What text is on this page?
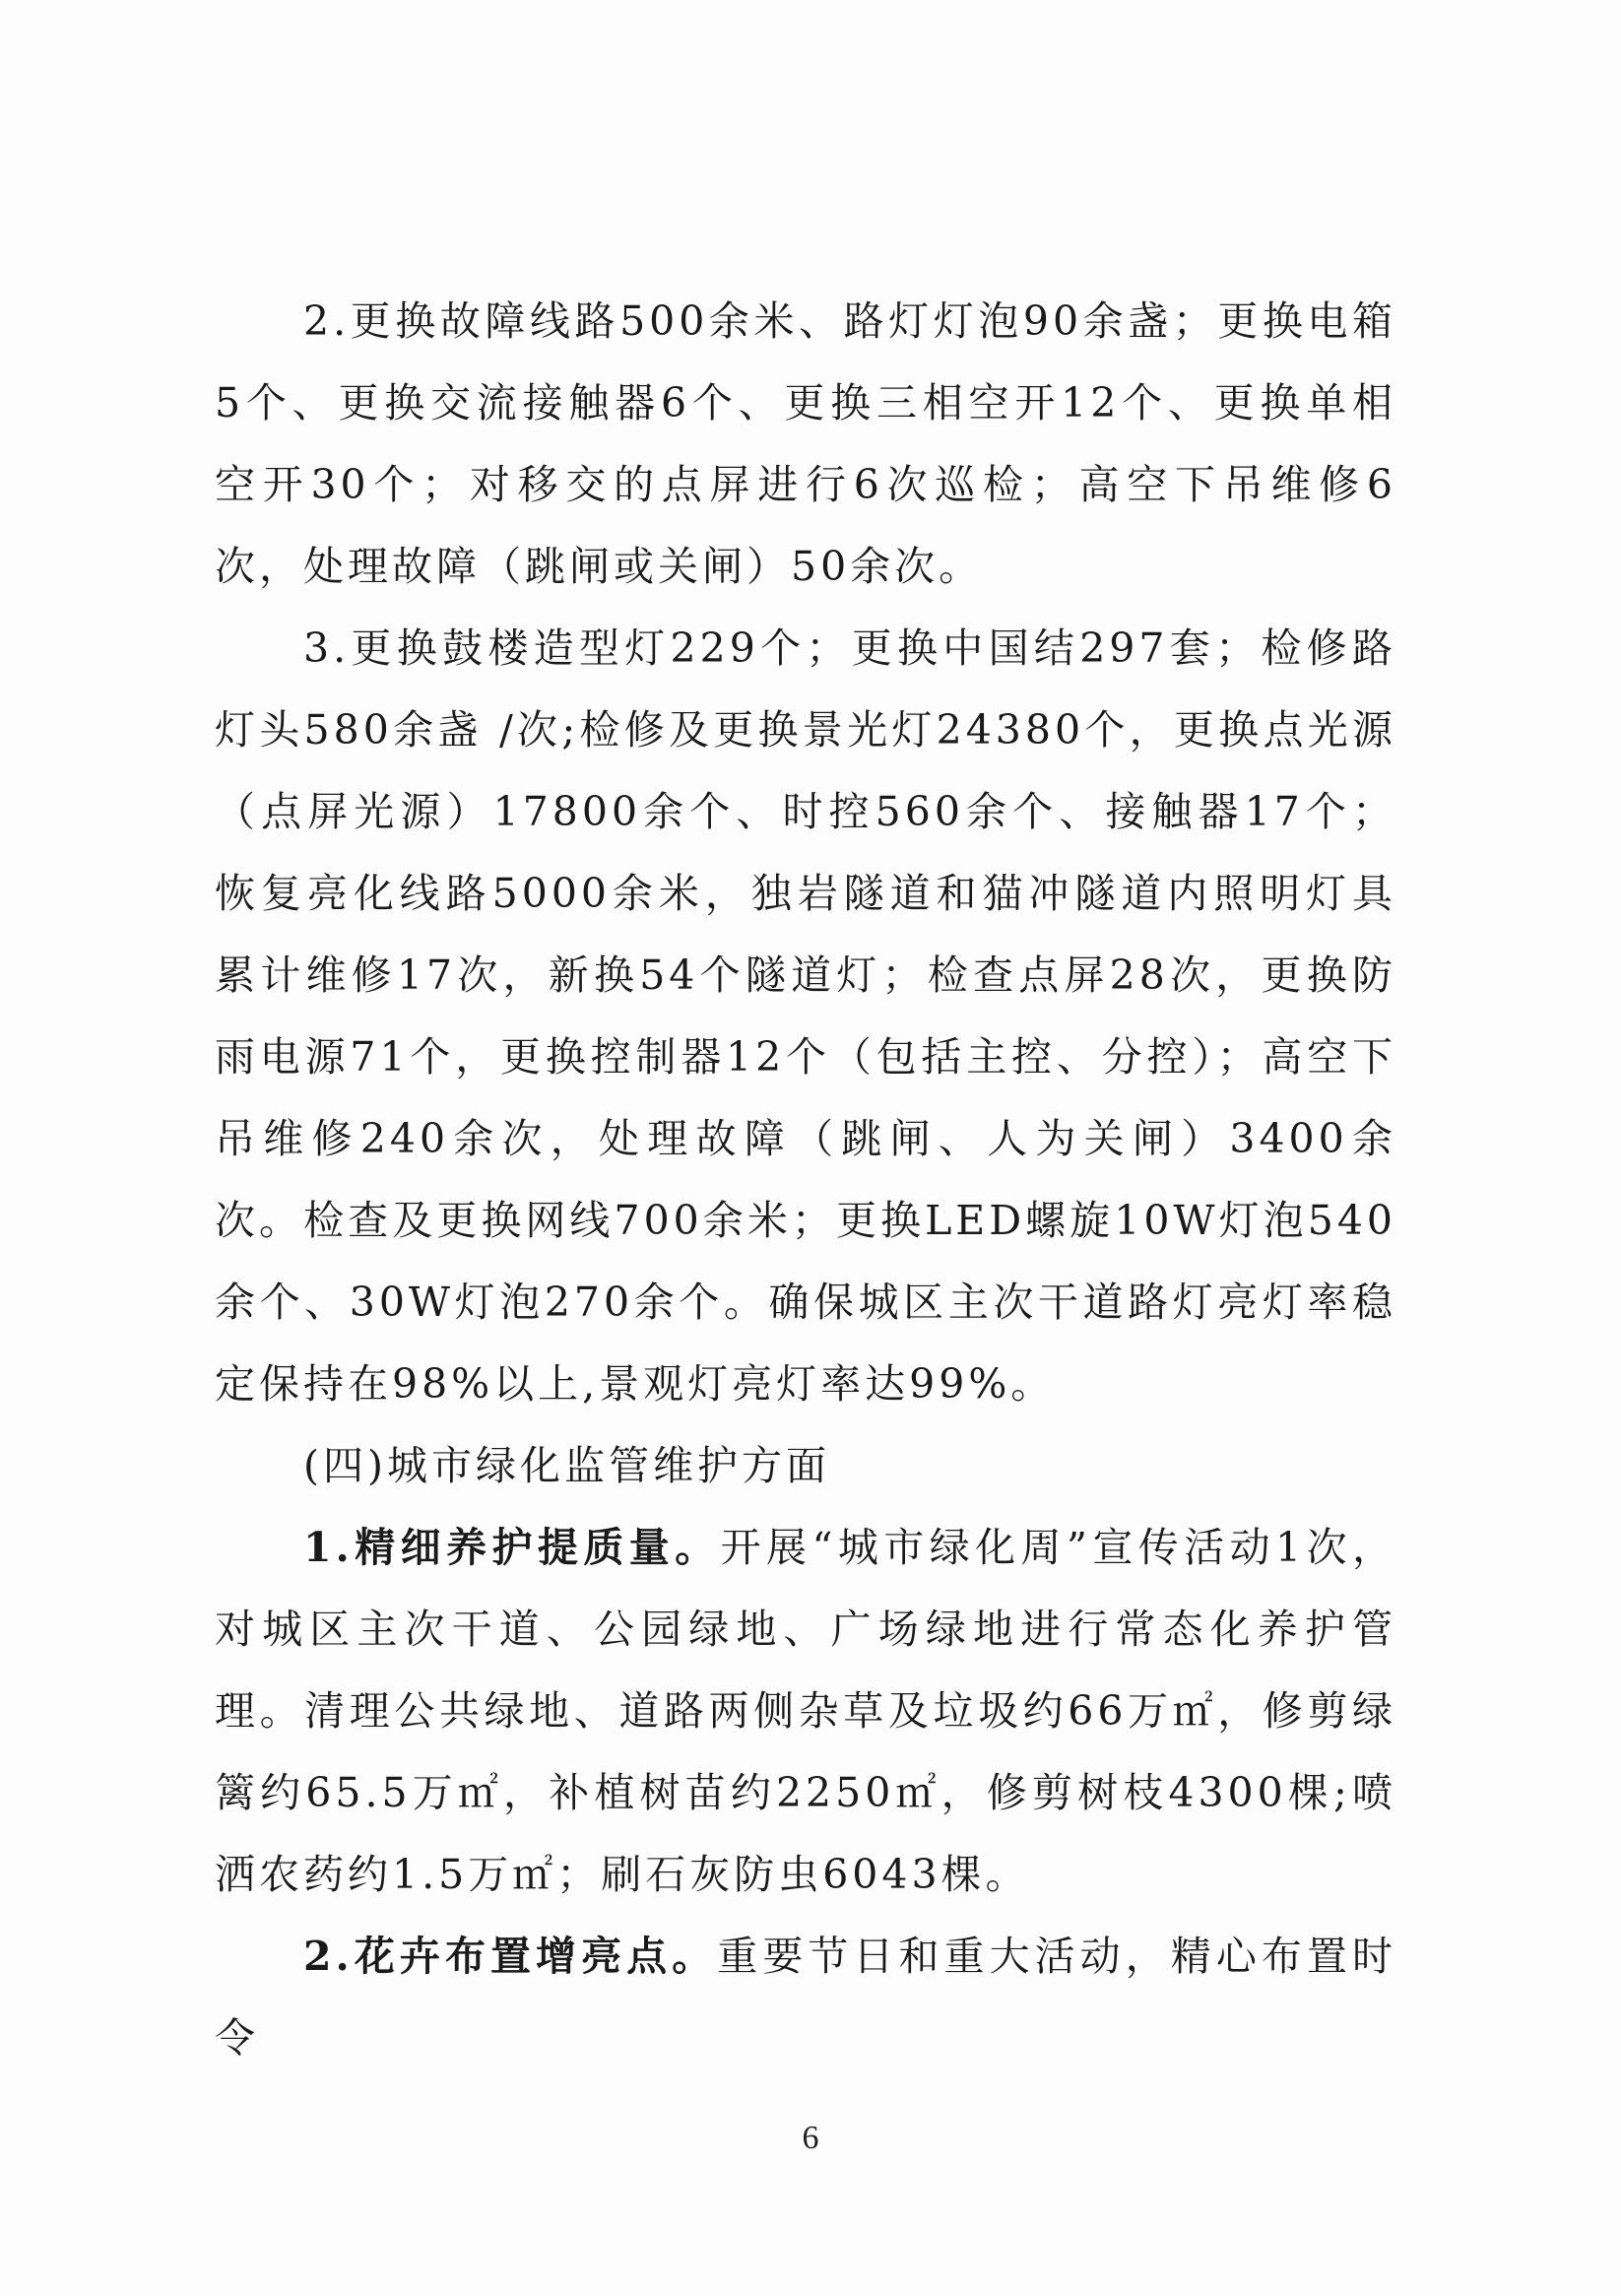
2.更换故障线路500余米、路灯灯泡90余盏；更换电箱5个、更换交流接触器6个、更换三相空开12个、更换单相空开30个；对移交的点屏进行6次巡检；高空下吊维修6次，处理故障（跳闸或关闸）50余次。

3.更换鼓楼造型灯229个；更换中国结297套；检修路灯头580余盏 /次;检修及更换景光灯24380个，更换点光源（点屏光源）17800余个、时控560余个、接触器17个；恢复亮化线路5000余米，独岩隧道和猫冲隧道内照明灯具累计维修17次，新换54个隧道灯；检查点屏28次，更换防雨电源71个，更换控制器12个（包括主控、分控）；高空下吊维修240余次，处理故障（跳闸、人为关闸）3400余次。检查及更换网线700余米；更换LED螺旋10W灯泡540余个、30W灯泡270余个。确保城区主次干道路灯亮灯率稳定保持在98%以上,景观灯亮灯率达99%。

(四)城市绿化监管维护方面

1.精细养护提质量。开展“城市绿化周”宣传活动1次，对城区主次干道、公园绿地、广场绿地进行常态化养护管理。清理公共绿地、道路两侧杂草及垃圾约66万㎡，修剪绿篱约65.5万㎡，补植树苗约2250㎡，修剪树枝4300棵;喷洒农药约1.5万㎡；刷石灰防虫6043棵。

2.花卉布置增亮点。重要节日和重大活动，精心布置时令

6
